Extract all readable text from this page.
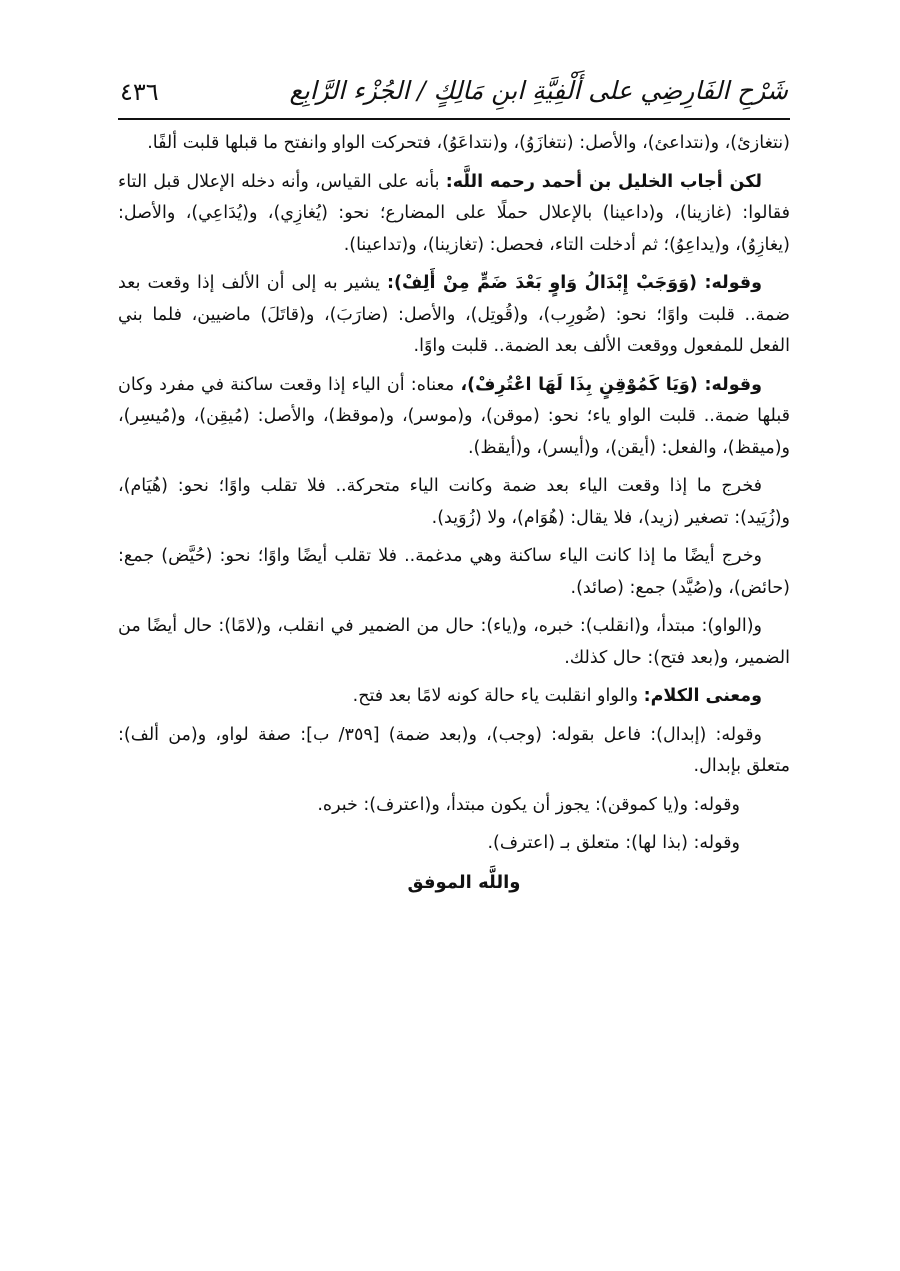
شَرْحِ الفَارِضِي على أَلْفِيَّةِ ابنِ مَالِكٍ / الجُزْء الرَّابِع
٤٣٦

(نتغازئ)، و(نتداعئ)، والأصل: (نتغازَوُ)، و(نتداعَوُ)، فتحركت الواو وانفتح ما قبلها قلبت ألفًا.

لكن أجاب الخليل بن أحمد رحمه اللَّه: بأنه على القياس، وأنه دخله الإعلال قبل التاء فقالوا: (غازينا)، و(داعينا) بالإعلال حملًا على المضارع؛ نحو: (يُغازِي)، و(يُدَاعِي)، والأصل: (يغازِوُ)، و(يداعِوُ)؛ ثم أدخلت التاء، فحصل: (تغازينا)، و(تداعينا).

وقوله: (وَوَجَبْ إِبْدَالُ وَاوٍ بَعْدَ ضَمٍّ مِنْ أَلِفْ): يشير به إلى أن الألف إذا وقعت بعد ضمة.. قلبت واوًا؛ نحو: (ضُورِب)، و(قُوتِل)، والأصل: (ضارَبَ)، و(قاتَلَ) ماضيين، فلما بني الفعل للمفعول ووقعت الألف بعد الضمة.. قلبت واوًا.

وقوله: (وَيَا كَمُوْقِنٍ بِذَا لَهَا اعْتُرِفْ)، معناه: أن الياء إذا وقعت ساكنة في مفرد وكان قبلها ضمة.. قلبت الواو ياء؛ نحو: (موقن)، و(موسر)، و(موقظ)، والأصل: (مُيقِن)، و(مُيسِر)، و(ميقظ)، والفعل: (أيقن)، و(أيسر)، و(أيقظ).

فخرج ما إذا وقعت الياء بعد ضمة وكانت الياء متحركة.. فلا تقلب واوًا؛ نحو: (هُيَام)، و(زُيَيد): تصغير (زيد)، فلا يقال: (هُوَام)، ولا (زُوَيد).

وخرج أيضًا ما إذا كانت الياء ساكنة وهي مدغمة.. فلا تقلب أيضًا واوًا؛ نحو: (حُيَّض) جمع: (حائض)، و(صُيَّد) جمع: (صائد).

و(الواو): مبتدأ، و(انقلب): خبره، و(ياء): حال من الضمير في انقلب، و(لامًا): حال أيضًا من الضمير، و(بعد فتح): حال كذلك.

ومعنى الكلام: والواو انقلبت ياء حالة كونه لامًا بعد فتح.

وقوله: (إبدال): فاعل بقوله: (وجب)، و(بعد ضمة) [٣٥٩/ ب]: صفة لواو، و(من ألف): متعلق بإبدال.

وقوله: و(يا كموقن): يجوز أن يكون مبتدأ، و(اعترف): خبره.

وقوله: (بذا لها): متعلق بـ (اعترف).

واللَّه الموفق
